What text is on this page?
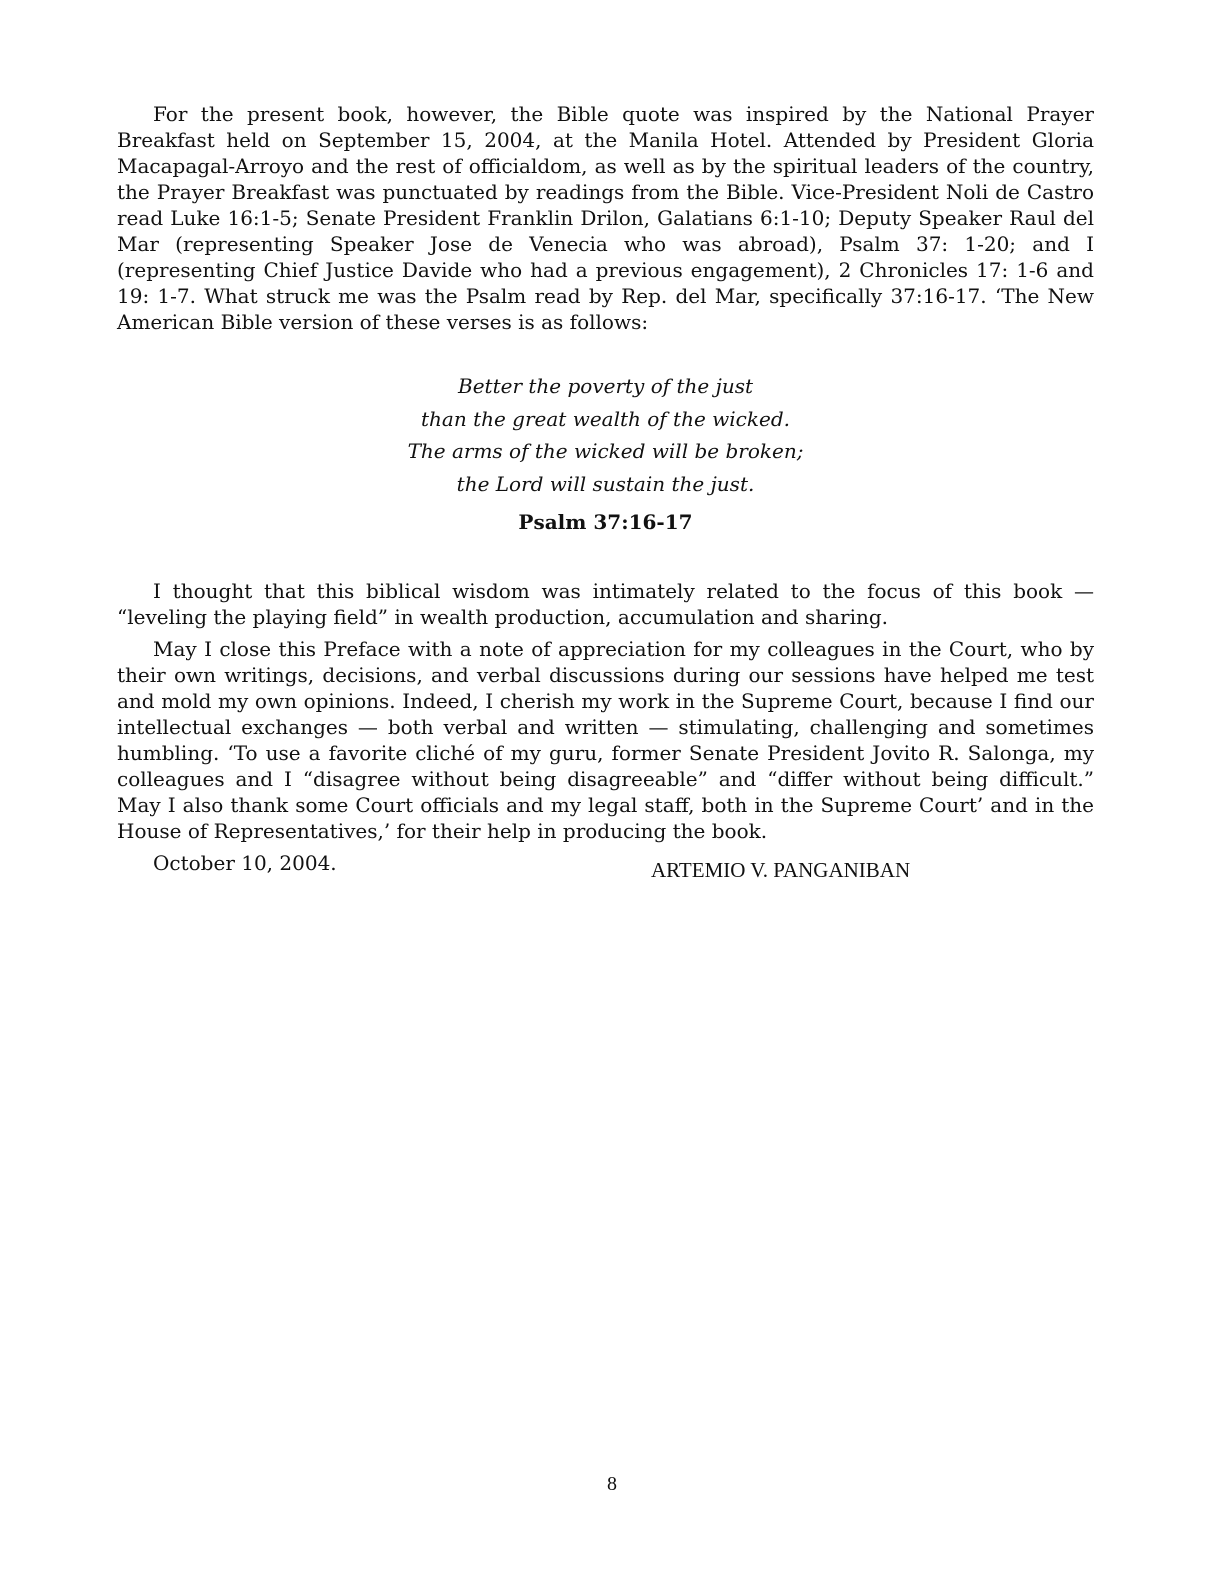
For the present book, however, the Bible quote was inspired by the National Prayer Breakfast held on September 15, 2004, at the Manila Hotel. Attended by President Gloria Macapagal-Arroyo and the rest of officialdom, as well as by the spiritual leaders of the country, the Prayer Breakfast was punctuated by readings from the Bible. Vice-President Noli de Castro read Luke 16:1-5; Senate President Franklin Drilon, Galatians 6:1-10; Deputy Speaker Raul del Mar (representing Speaker Jose de Venecia who was abroad), Psalm 37: 1-20; and I (representing Chief Justice Davide who had a previous engagement), 2 Chronicles 17: 1-6 and 19: 1-7. What struck me was the Psalm read by Rep. del Mar, specifically 37:16-17. ‘The New American Bible version of these verses is as follows:

Better the poverty of the just
than the great wealth of the wicked.
The arms of the wicked will be broken;
the Lord will sustain the just.
Psalm 37:16-17

I thought that this biblical wisdom was intimately related to the focus of this book — “leveling the playing field” in wealth production, accumulation and sharing.

May I close this Preface with a note of appreciation for my colleagues in the Court, who by their own writings, decisions, and verbal discussions during our sessions have helped me test and mold my own opinions. Indeed, I cherish my work in the Supreme Court, because I find our intellectual exchanges — both verbal and written — stimulating, challenging and sometimes humbling. ‘To use a favorite cliché of my guru, former Senate President Jovito R. Salonga, my colleagues and I “disagree without being disagreeable” and “differ without being difficult.” May I also thank some Court officials and my legal staff, both in the Supreme Court’ and in the House of Representatives,’ for their help in producing the book.

October 10, 2004.	ARTEMIO V. PANGANIBAN
8
